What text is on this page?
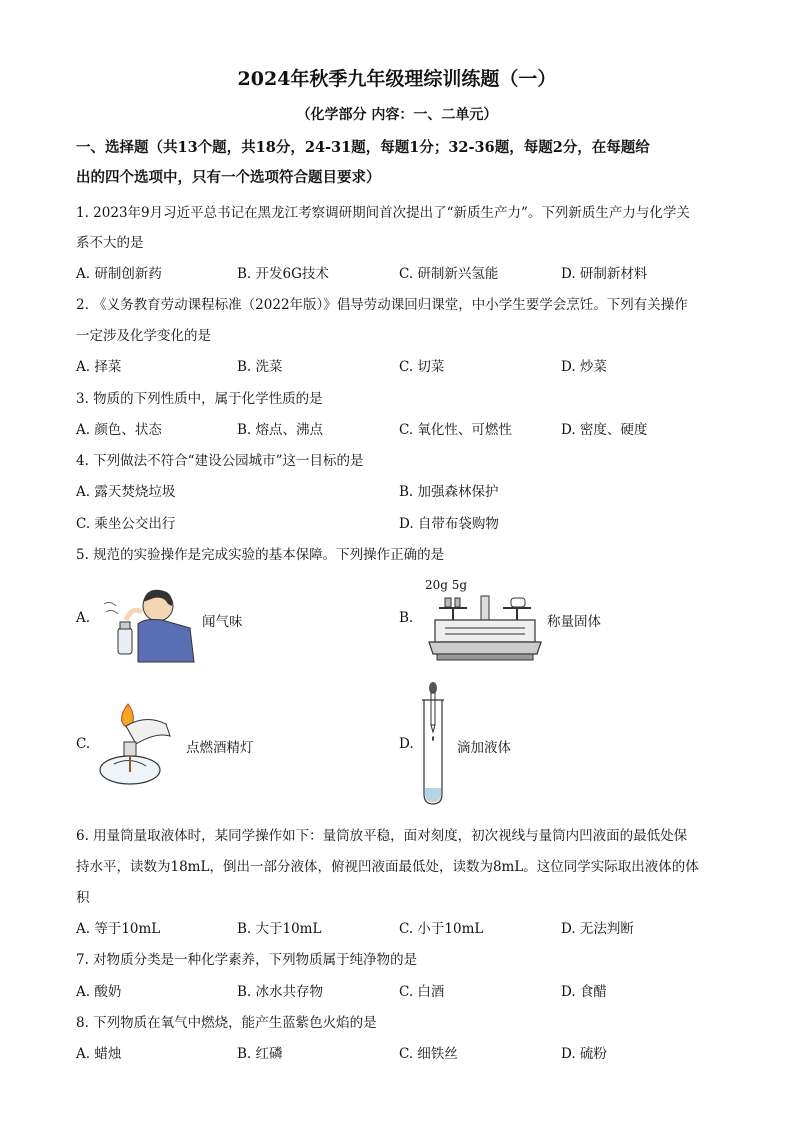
2024年秋季九年级理综训练题（一）
（化学部分 内容：一、二单元）
一、选择题（共13个题，共18分，24-31题，每题1分；32-36题，每题2分，在每题给
出的四个选项中，只有一个选项符合题目要求）
1. 2023年9月习近平总书记在黑龙江考察调研期间首次提出了“新质生产力”。下列新质生产力与化学关
系不大的是
A. 研制创新药	B. 开发6G技术	C. 研制新兴氢能	D. 研制新材料
2. 《义务教育劳动课程标准（2022年版）》倡导劳动课回归课堂，中小学生要学会烹饪。下列有关操作
一定涉及化学变化的是
A. 择菜	B. 洗菜	C. 切菜	D. 炒菜
3. 物质的下列性质中，属于化学性质的是
A. 颜色、状态	B. 熔点、沸点	C. 氧化性、可燃性	D. 密度、硬度
4. 下列做法不符合“建设公园城市”这一目标的是
A. 露天焚烧垃圾	B. 加强森林保护
C. 乘坐公交出行	D. 自带布袋购物
5. 规范的实验操作是完成实验的基本保障。下列操作正确的是
A.	闻气味	B.
20g 5g
称量固体
C.	点燃酒精灯	D.	滴加液体
6. 用量筒量取液体时，某同学操作如下：量筒放平稳，面对刻度，初次视线与量筒内凹液面的最低处保
持水平，读数为18mL，倒出一部分液体，俯视凹液面最低处，读数为8mL。这位同学实际取出液体的体
积
A. 等于10mL	B. 大于10mL	C. 小于10mL	D. 无法判断
7. 对物质分类是一种化学素养，下列物质属于纯净物的是
A. 酸奶	B. 冰水共存物	C. 白酒	D. 食醋
8. 下列物质在氧气中燃烧，能产生蓝紫色火焰的是
A. 蜡烛	B. 红磷	C. 细铁丝	D. 硫粉
